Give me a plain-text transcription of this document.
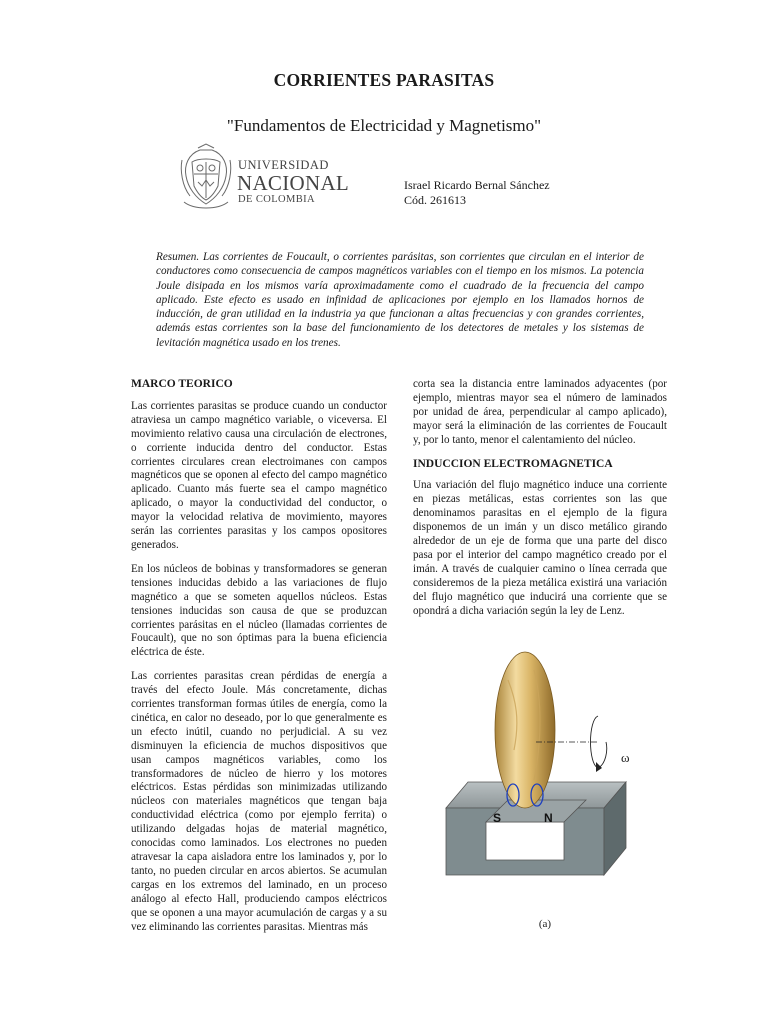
CORRIENTES PARASITAS
"Fundamentos de Electricidad y Magnetismo"
UNIVERSIDAD
NACIONAL
DE COLOMBIA
Israel Ricardo Bernal Sánchez
Cód. 261613
Resumen. Las corrientes de Foucault, o corrientes parásitas, son corrientes que circulan en el interior de conductores como consecuencia de campos magnéticos variables con el tiempo en los mismos. La potencia Joule disipada en los mismos varía aproximadamente como el cuadrado de la frecuencia del campo aplicado. Este efecto es usado en infinidad de aplicaciones por ejemplo en los llamados hornos de inducción, de gran utilidad en la industria ya que funcionan a altas frecuencias y con grandes corrientes, además estas corrientes son la base del funcionamiento de los detectores de metales y los sistemas de levitación magnética usado en los trenes.
MARCO TEORICO

Las corrientes parasitas se produce cuando un conductor atraviesa un campo magnético variable, o viceversa. El movimiento relativo causa una circulación de electrones, o corriente inducida dentro del conductor. Estas corrientes circulares crean electroimanes con campos magnéticos que se oponen al efecto del campo magnético aplicado. Cuanto más fuerte sea el campo magnético aplicado, o mayor la conductividad del conductor, o mayor la velocidad relativa de movimiento, mayores serán las corrientes parasitas y los campos opositores generados.

En los núcleos de bobinas y transformadores se generan tensiones inducidas debido a las variaciones de flujo magnético a que se someten aquellos núcleos. Estas tensiones inducidas son causa de que se produzcan corrientes parásitas en el núcleo (llamadas corrientes de Foucault), que no son óptimas para la buena eficiencia eléctrica de éste.

Las corrientes parasitas crean pérdidas de energía a través del efecto Joule. Más concretamente, dichas corrientes transforman formas útiles de energía, como la cinética, en calor no deseado, por lo que generalmente es un efecto inútil, cuando no perjudicial. A su vez disminuyen la eficiencia de muchos dispositivos que usan campos magnéticos variables, como los transformadores de núcleo de hierro y los motores eléctricos. Estas pérdidas son minimizadas utilizando núcleos con materiales magnéticos que tengan baja conductividad eléctrica (como por ejemplo ferrita) o utilizando delgadas hojas de material magnético, conocidas como laminados. Los electrones no pueden atravesar la capa aisladora entre los laminados y, por lo tanto, no pueden circular en arcos abiertos. Se acumulan cargas en los extremos del laminado, en un proceso análogo al efecto Hall, produciendo campos eléctricos que se oponen a una mayor acumulación de cargas y a su vez eliminando las corrientes parasitas. Mientras más

corta sea la distancia entre laminados adyacentes (por ejemplo, mientras mayor sea el número de laminados por unidad de área, perpendicular al campo aplicado), mayor será la eliminación de las corrientes de Foucault y, por lo tanto, menor el calentamiento del núcleo.

INDUCCION ELECTROMAGNETICA

Una variación del flujo magnético induce una corriente en piezas metálicas, estas corrientes son las que denominamos parasitas en el ejemplo de la figura disponemos de un imán y un disco metálico girando alrededor de un eje de forma que una parte del disco pasa por el interior del campo magnético creado por el imán. A través de cualquier camino o línea cerrada que consideremos de la pieza metálica existirá una variación del flujo magnético que inducirá una corriente que se opondrá a dicha variación según la ley de Lenz.

ω
S	N
(a)
